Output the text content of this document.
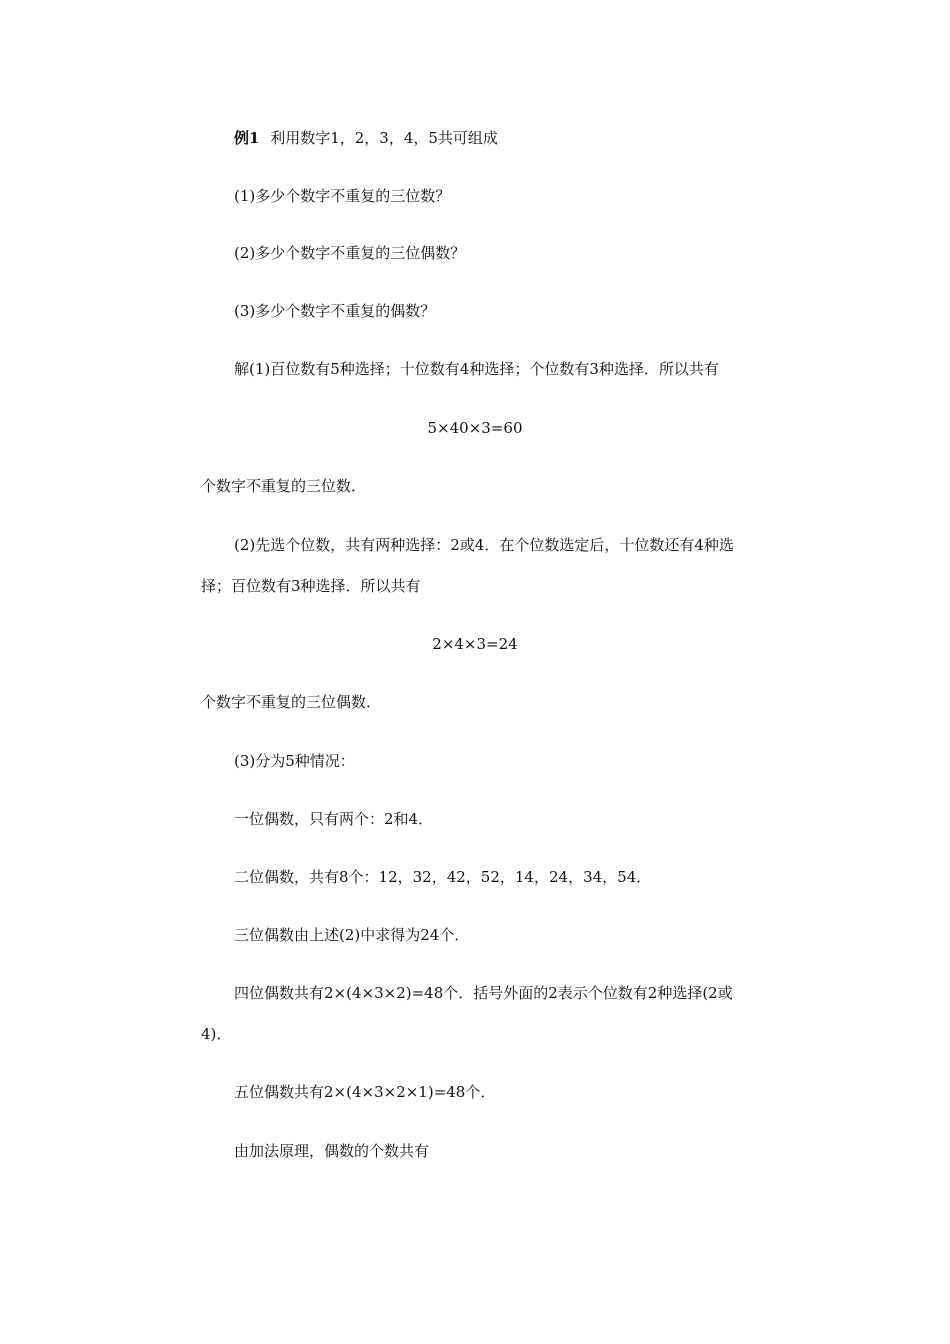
例1 利用数字1，2，3，4，5共可组成
(1)多少个数字不重复的三位数？
(2)多少个数字不重复的三位偶数？
(3)多少个数字不重复的偶数？
解(1)百位数有5种选择；十位数有4种选择；个位数有3种选择．所以共有
5×40×3=60
个数字不重复的三位数．
(2)先选个位数，共有两种选择：2或4．在个位数选定后，十位数还有4种选
择；百位数有3种选择．所以共有
2×4×3=24
个数字不重复的三位偶数．
(3)分为5种情况：
一位偶数，只有两个：2和4．
二位偶数，共有8个：12，32，42，52，14，24，34，54．
三位偶数由上述(2)中求得为24个．
四位偶数共有2×(4×3×2)=48个．括号外面的2表示个位数有2种选择(2或
4)．
五位偶数共有2×(4×3×2×1)=48个．
由加法原理，偶数的个数共有
